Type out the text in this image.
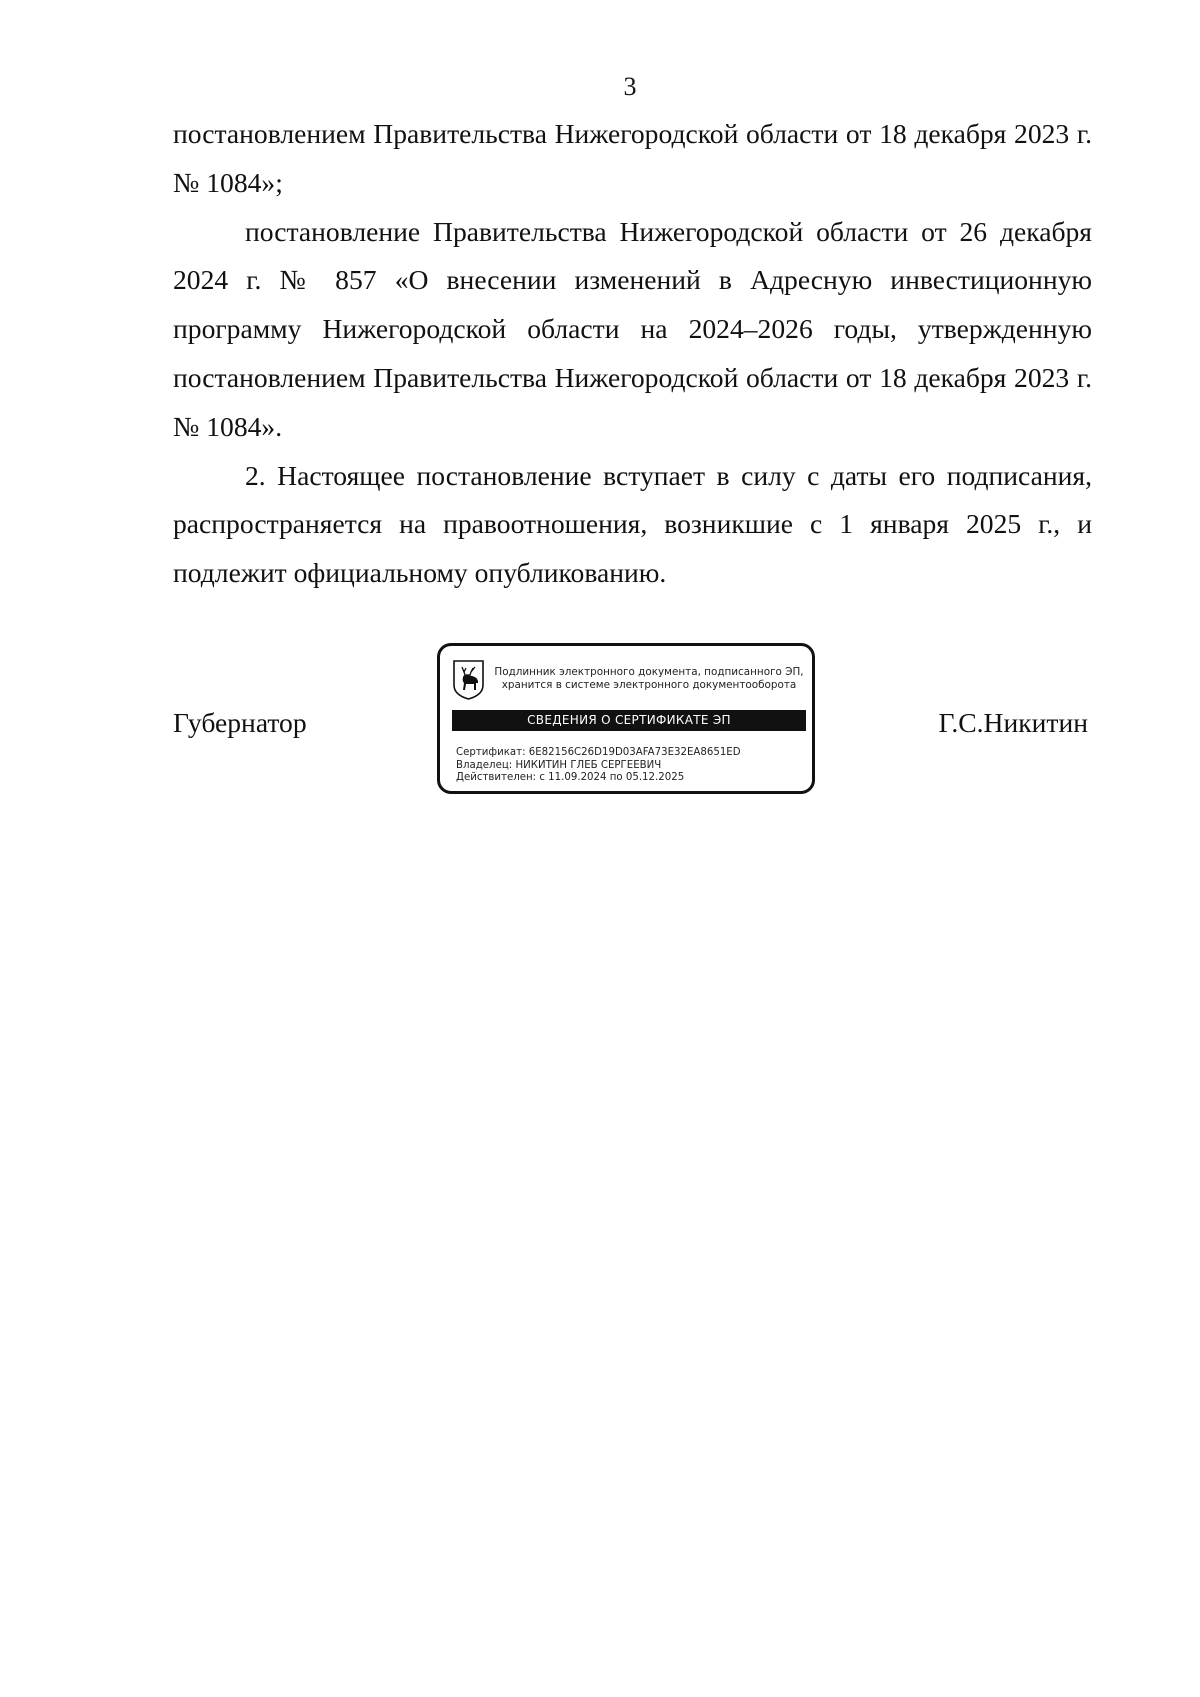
3

постановлением Правительства Нижегородской области от 18 декабря 2023 г. № 1084»;

постановление Правительства Нижегородской области от 26 декабря 2024 г. № 857 «О внесении изменений в Адресную инвестиционную программу Нижегородской области на 2024–2026 годы, утвержденную постановлением Правительства Нижегородской области от 18 декабря 2023 г. № 1084».

2. Настоящее постановление вступает в силу с даты его подписания, распространяется на правоотношения, возникшие с 1 января 2025 г., и подлежит официальному опубликованию.

Губернатор
Подлинник электронного документа, подписанного ЭП,
хранится в системе электронного документооборота
СВЕДЕНИЯ О СЕРТИФИКАТЕ ЭП
Сертификат: 6E82156C26D19D03AFA73E32EA8651ED
Владелец: НИКИТИН ГЛЕБ СЕРГЕЕВИЧ
Действителен: с 11.09.2024 по 05.12.2025
Г.С.Никитин
